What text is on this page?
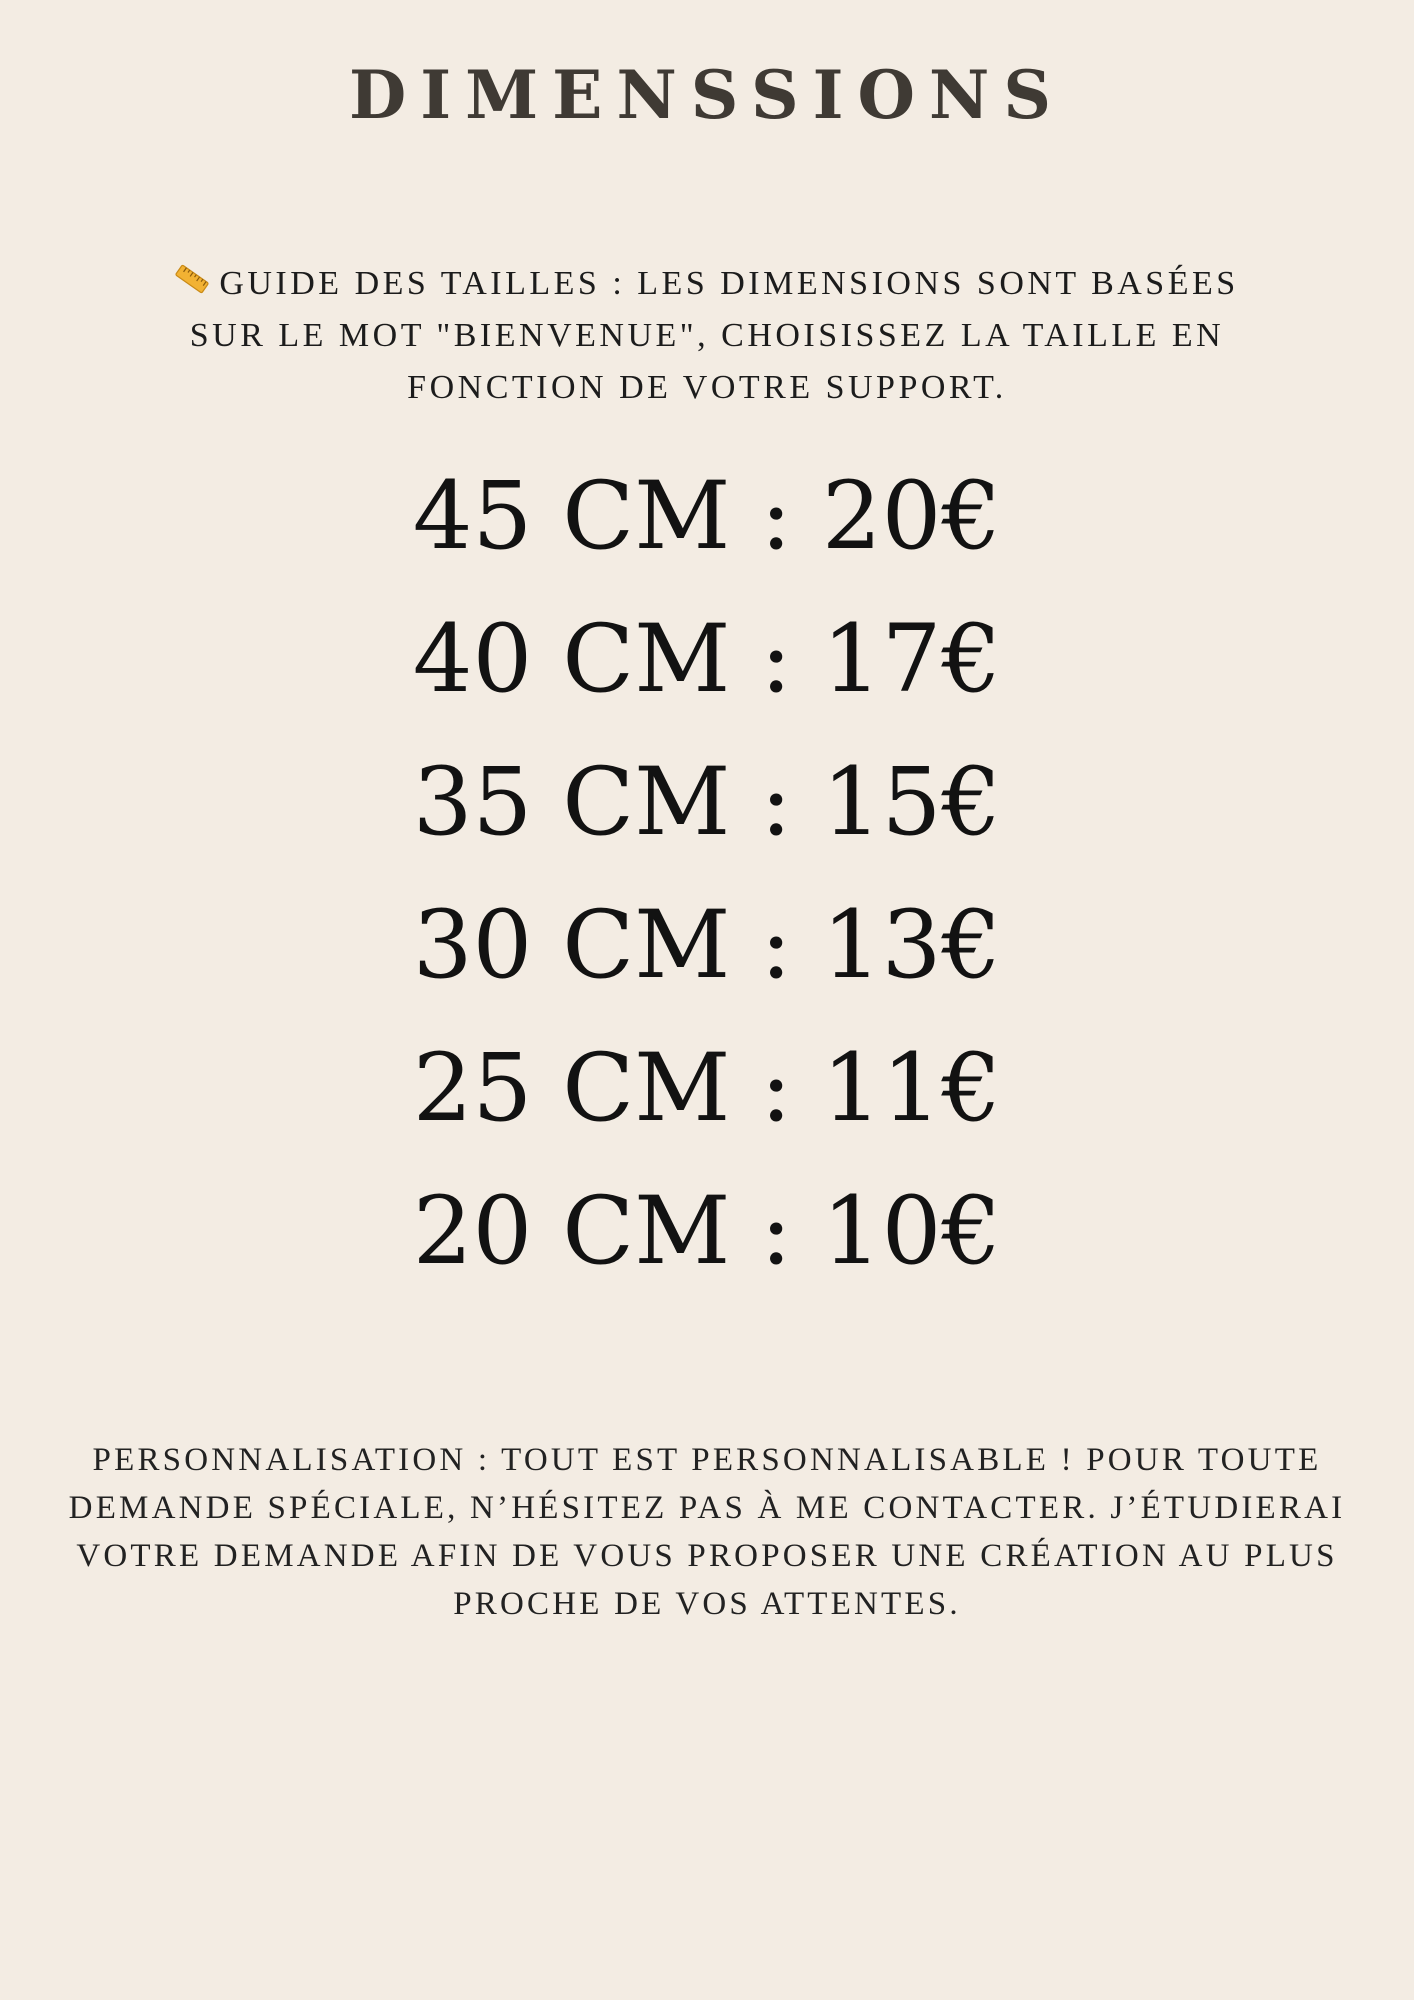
DIMENSSIONS
GUIDE DES TAILLES : LES DIMENSIONS SONT BASÉES SUR LE MOT "BIENVENUE", CHOISISSEZ LA TAILLE EN FONCTION DE VOTRE SUPPORT.
45 CM : 20€
40 CM : 17€
35 CM : 15€
30 CM : 13€
25 CM : 11€
20 CM : 10€
PERSONNALISATION : TOUT EST PERSONNALISABLE ! POUR TOUTE DEMANDE SPÉCIALE, N’HÉSITEZ PAS À ME CONTACTER. J’ÉTUDIERAI VOTRE DEMANDE AFIN DE VOUS PROPOSER UNE CRÉATION AU PLUS PROCHE DE VOS ATTENTES.
